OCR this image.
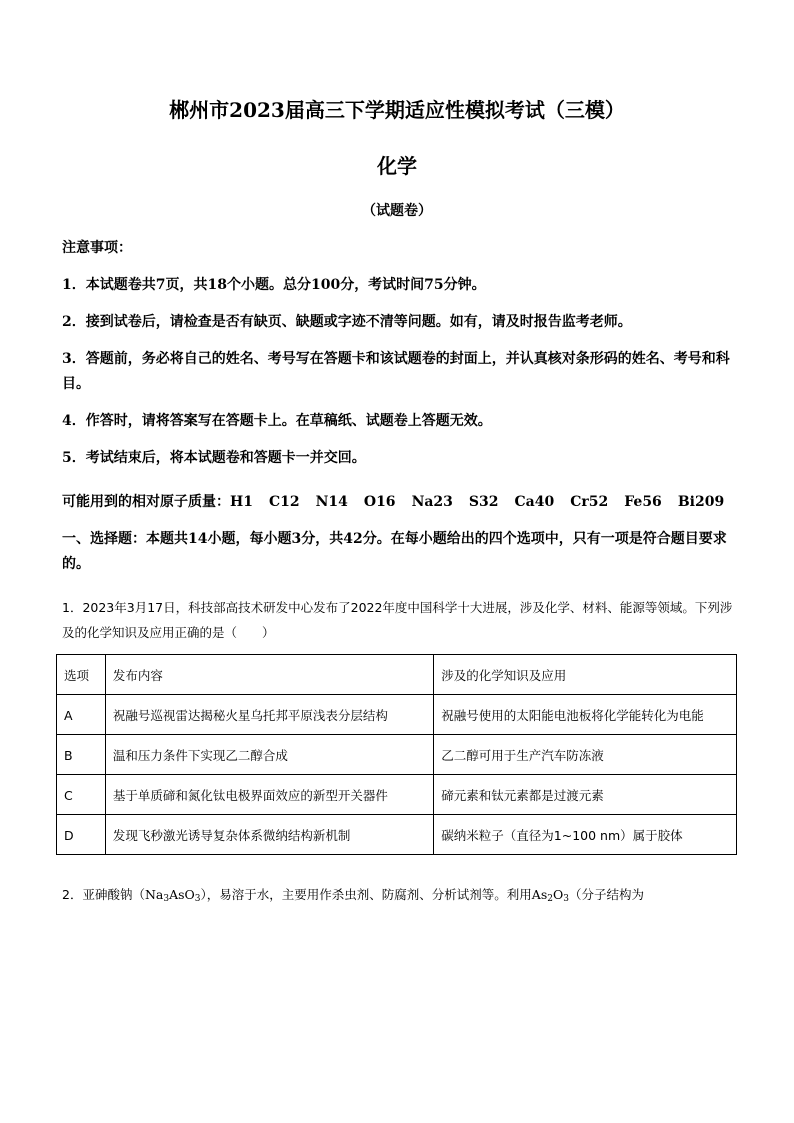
郴州市2023届高三下学期适应性模拟考试（三模）
化学
（试题卷）

注意事项：

1．本试题卷共7页，共18个小题。总分100分，考试时间75分钟。

2．接到试卷后，请检查是否有缺页、缺题或字迹不清等问题。如有，请及时报告监考老师。

3．答题前，务必将自己的姓名、考号写在答题卡和该试题卷的封面上，并认真核对条形码的姓名、考号和科目。

4．作答时，请将答案写在答题卡上。在草稿纸、试题卷上答题无效。

5．考试结束后，将本试题卷和答题卡一并交回。

可能用到的相对原子质量：H1 C12 N14 O16 Na23 S32 Ca40 Cr52 Fe56 Bi209
一、选择题：本题共14小题，每小题3分，共42分。在每小题给出的四个选项中，只有一项是符合题目要求的。
1．2023年3月17日，科技部高技术研发中心发布了2022年度中国科学十大进展，涉及化学、材料、能源等领域。下列涉及的化学知识及应用正确的是（　　）
选项	发布内容	涉及的化学知识及应用
A	祝融号巡视雷达揭秘火星乌托邦平原浅表分层结构	祝融号使用的太阳能电池板将化学能转化为电能
B	温和压力条件下实现乙二醇合成	乙二醇可用于生产汽车防冻液
C	基于单质碲和氮化钛电极界面效应的新型开关器件	碲元素和钛元素都是过渡元素
D	发现飞秒激光诱导复杂体系微纳结构新机制	碳纳米粒子（直径为1~100 nm）属于胶体
2．亚砷酸钠$(Na_3AsO_3)$，易溶于水，主要用作杀虫剂、防腐剂、分析试剂等。利用$As_2O_3$（分子结构为
